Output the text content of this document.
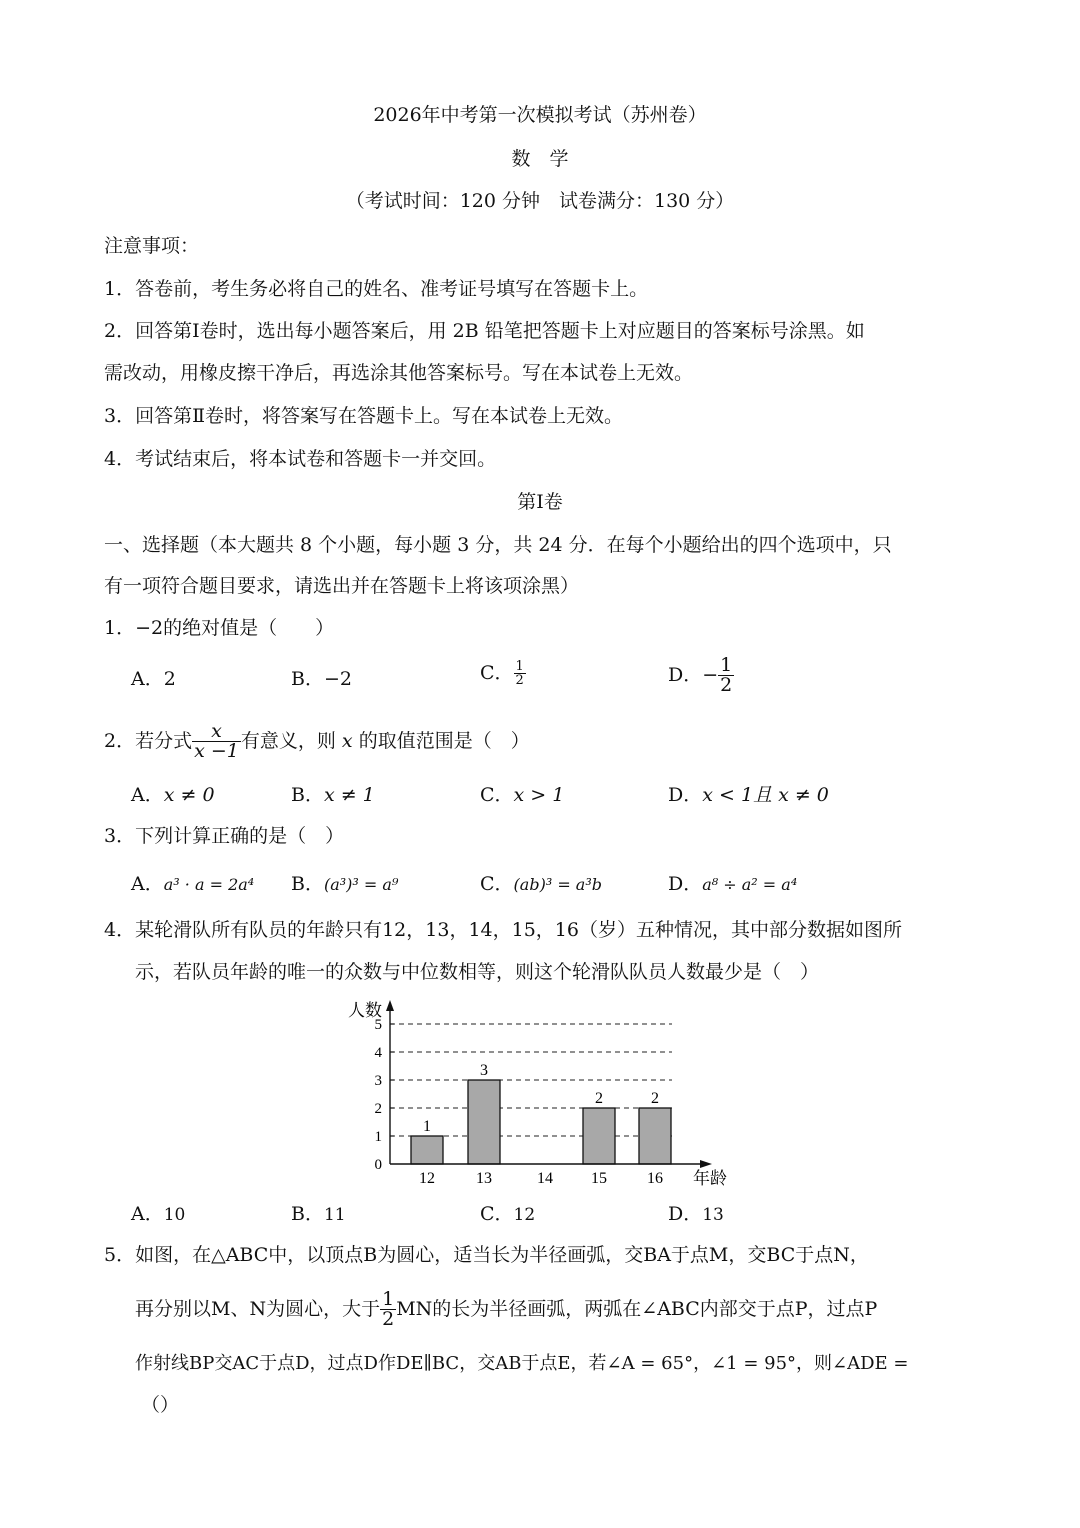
2026年中考第一次模拟考试（苏州卷）
数　学
（考试时间：120 分钟　试卷满分：130 分）
注意事项：
1．答卷前，考生务必将自己的姓名、准考证号填写在答题卡上。
2．回答第Ⅰ卷时，选出每小题答案后，用 2B 铅笔把答题卡上对应题目的答案标号涂黑。如
需改动，用橡皮擦干净后，再选涂其他答案标号。写在本试卷上无效。
3．回答第Ⅱ卷时，将答案写在答题卡上。写在本试卷上无效。
4．考试结束后，将本试卷和答题卡一并交回。
第Ⅰ卷
一、选择题（本大题共 8 个小题，每小题 3 分，共 24 分．在每个小题给出的四个选项中，只
有一项符合题目要求，请选出并在答题卡上将该项涂黑）
1．−2的绝对值是（　　）
A．2	B．−2	C． $\frac{1}{2}$	D．− $\frac{1}{2}$
2．若分式 $\frac{x}{x -1}$ 有意义，则 x 的取值范围是（　）
A．x ≠ 0	B．x ≠ 1	C．x > 1	D．x < 1且 x ≠ 0
3．下列计算正确的是（　）
A．a³ · a = 2a⁴ B．(a³)³ = a⁹	C．(ab)³ = a³b	D．a⁸ ÷ a² = a⁴
4．某轮滑队所有队员的年龄只有12，13，14，15，16（岁）五种情况，其中部分数据如图所
示，若队员年龄的唯一的众数与中位数相等，则这个轮滑队队员人数最少是（　）
0
1
2
3
4
5
1
12
3
13	14
2
15
2
16
人数
年龄
A．10	B．11	C．12	D．13
5．如图，在△ABC中，以顶点B为圆心，适当长为半径画弧，交BA于点M，交BC于点N，
再分别以M、N为圆心，大于 $\frac{1}{2}$ MN的长为半径画弧，两弧在∠ABC内部交于点P，过点P
作射线BP交AC于点D，过点D作DE∥BC，交AB于点E，若∠A = 65°，∠1 = 95°，则∠ADE =
（）
